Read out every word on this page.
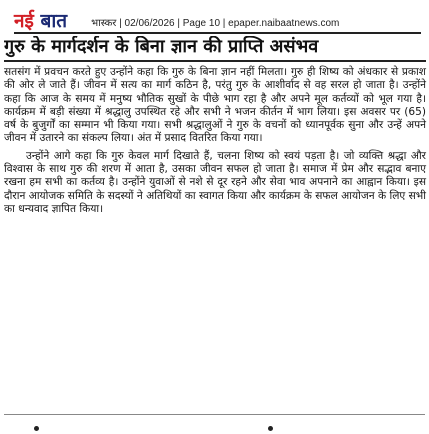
नई बात भास्कर | 02/06/2026 | Page 10 | epaper.naibaatnews.com
गुरु के मार्गदर्शन के बिना ज्ञान की प्राप्ति असंभव

सतसंग में प्रवचन करते हुए उन्होंने कहा कि गुरु के बिना ज्ञान नहीं मिलता। गुरु ही शिष्य को अंधकार से प्रकाश की ओर ले जाते हैं। जीवन में सत्य का मार्ग कठिन है, परंतु गुरु के आशीर्वाद से वह सरल हो जाता है। उन्होंने कहा कि आज के समय में मनुष्य भौतिक सुखों के पीछे भाग रहा है और अपने मूल कर्तव्यों को भूल गया है। कार्यक्रम में बड़ी संख्या में श्रद्धालु उपस्थित रहे और सभी ने भजन कीर्तन में भाग लिया। इस अवसर पर (65) वर्ष के बुजुर्गों का सम्मान भी किया गया। सभी श्रद्धालुओं ने गुरु के वचनों को ध्यानपूर्वक सुना और उन्हें अपने जीवन में उतारने का संकल्प लिया। अंत में प्रसाद वितरित किया गया।

उन्होंने आगे कहा कि गुरु केवल मार्ग दिखाते हैं, चलना शिष्य को स्वयं पड़ता है। जो व्यक्ति श्रद्धा और विश्वास के साथ गुरु की शरण में आता है, उसका जीवन सफल हो जाता है। समाज में प्रेम और सद्भाव बनाए रखना हम सभी का कर्तव्य है। उन्होंने युवाओं से नशे से दूर रहने और सेवा भाव अपनाने का आह्वान किया। इस दौरान आयोजक समिति के सदस्यों ने अतिथियों का स्वागत किया और कार्यक्रम के सफल आयोजन के लिए सभी का धन्यवाद ज्ञापित किया।
